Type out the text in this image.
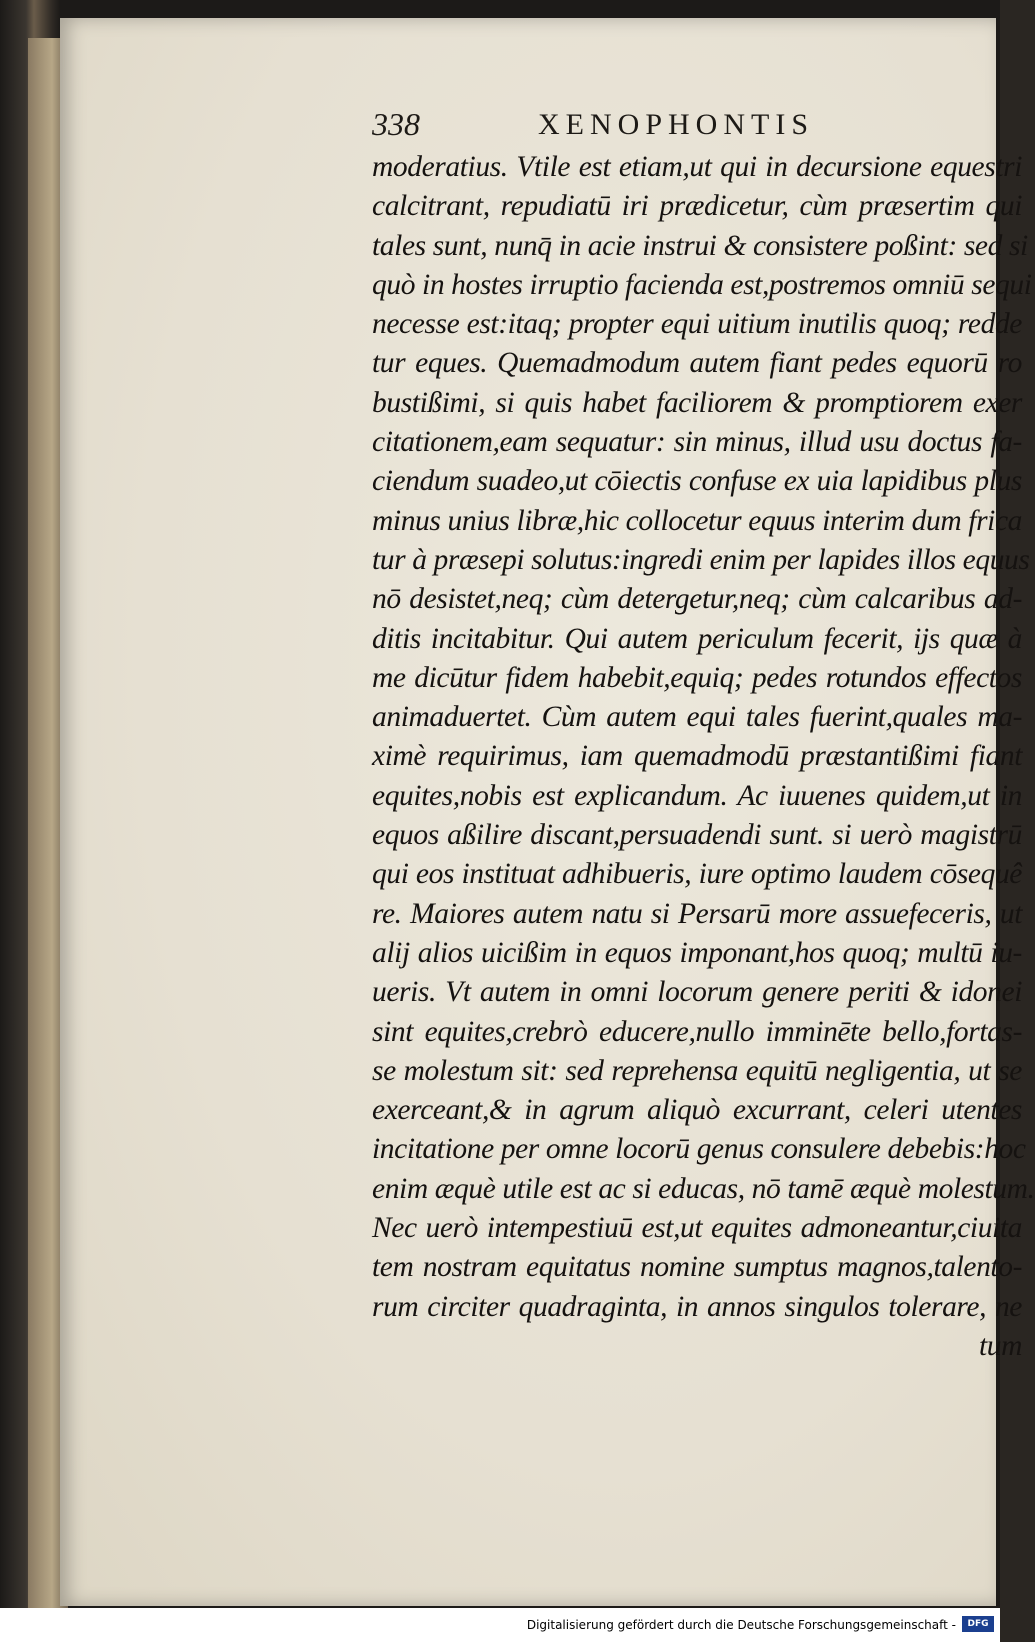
338	XENOPHONTIS
moderatius. Vtile est etiam,ut qui in decursione equestri
calcitrant, repudiatū iri prædicetur, cùm præsertim qui
tales sunt, nunq̄ in acie instrui & consistere poßint: sed si
quò in hostes irruptio facienda est,postremos omniū sequi
necesse est:itaq; propter equi uitium inutilis quoq; redde
tur eques. Quemadmodum autem fiant pedes equorū ro
bustißimi, si quis habet faciliorem & promptiorem exer
citationem,eam sequatur: sin minus, illud usu doctus fa-
ciendum suadeo,ut cōiectis confuse ex uia lapidibus plus
minus unius libræ,hic collocetur equus interim dum frica
tur à præsepi solutus:ingredi enim per lapides illos equus
nō desistet,neq; cùm detergetur,neq; cùm calcaribus ad-
ditis incitabitur. Qui autem periculum fecerit, ijs quæ à
me dicūtur fidem habebit,equiq; pedes rotundos effectos
animaduertet. Cùm autem equi tales fuerint,quales ma-
ximè requirimus, iam quemadmodū præstantißimi fiant
equites,nobis est explicandum. Ac iuuenes quidem,ut in
equos aßilire discant,persuadendi sunt. si uerò magistrū
qui eos instituat adhibueris, iure optimo laudem cōsequê
re. Maiores autem natu si Persarū more assuefeceris, ut
alij alios uicißim in equos imponant,hos quoq; multū iu-
ueris. Vt autem in omni locorum genere periti & idonei
sint equites,crebrò educere,nullo imminēte bello,fortas-
se molestum sit: sed reprehensa equitū negligentia, ut se
exerceant,& in agrum aliquò excurrant, celeri utentes
incitatione per omne locorū genus consulere debebis:hoc
enim æquè utile est ac si educas, nō tamē æquè molestum.
Nec uerò intempestiuū est,ut equites admoneantur,ciuita
tem nostram equitatus nomine sumptus magnos,talento-
rum circiter quadraginta, in annos singulos tolerare, ne
tum
Digitalisierung gefördert durch die Deutsche Forschungsgemeinschaft -	DFG
